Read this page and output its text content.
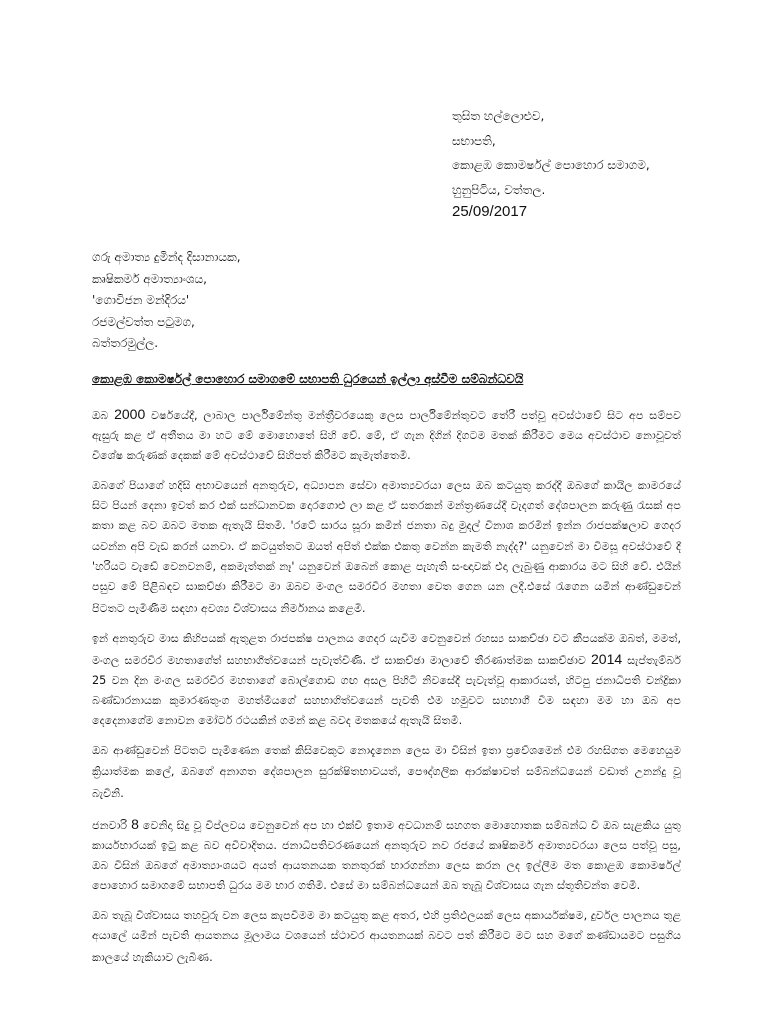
තුසිත හල්ලොළුව,
සභාපති,
කොළඹ කොමර්ෂල් පොහොර සමාගම,
හුනුපිටිය, වත්තල.
25/09/2017
ගරු අමාත්‍ය දුමින්ද දිසානායක,
කෘෂිකර්ම අමාත්‍යාංශය,
'ගොවිජන මන්දිරය'
රජමල්වත්ත පටුමග,
බත්තරමුල්ල.
කොළඹ කොමර්ෂල් පොහොර සමාගමේ සභාපති ධුරයෙන් ඉල්ලා අස්වීම සම්බන්ධවයි

ඔබ 2000 වර්ෂයේදී, ලාබාල පාර්ලිමේන්තු මන්ත්‍රීවරයෙකු ලෙස පාර්ලිමේන්තුවට තේරී පත්වූ අවස්ථාවේ සිට අප සම්පව ඇසුරු කළ ඒ අතීතය මා හට මේ මොහොතේ සිහි වේ. මේ, ඒ ගැන දිගින් දිගටම මතක් කිරීමට මෙය අවස්ථාව නොවූවත් විශේෂ කරුණක් දෙකක් මේ අවස්ථාවේ සිහිපත් කිරීමට කැමැත්තෙමි.

ඔබගේ පියාගේ හදිසි අභාවයෙන් අනතුරුව, අධ්‍යාපන සේවා අමාත්‍යවරයා ලෙස ඔබ කටයුතු කරද්දී ඔබගේ කායිල කාමරයේ සිට පියන් දෙනා ඉවත් කර එක් සන්ධානවක දොරගොළු ලා කළ ඒ සතරකන් මන්ත්‍රණයේදී වැදගත් දේශපාලන කරුණු රැසක් අප කතා කළ බව ඔබට මතක ඇතැයි සිතමි. 'රටේ සාරය සූරා කමින් ජනතා බදු මුදල් විනාශ කරමින් ඉන්න රාජපක්ෂලාව ගෙදර යවන්න අපි වැඩ කරන් යනවා. ඒ කටයුත්තට ඔයත් අපිත් එක්ක එකතු වෙන්න කැමති නැද්ද?' යනුවෙන් මා විමසූ අවස්ථාවේ දී 'හරියට වැඩේ වෙනවනම්, අකමැත්තක් නෑ' යනුවෙන් ඔබෙන් කොළ පැහැති සංඥාවක් එදා ලැබුණු ආකාරය මට සිහි වේ. එයින් පසුව මේ පිළිබඳව සාකච්ඡා කිරීමට මා ඔබව මංගල සමරවීර මහතා වෙත ගෙන යන ලදී.එසේ රැගෙන යමින් ආණ්ඩුවෙන් පිටතට පැමිණීම සඳහා අවශ්‍ය විශ්වාසය නිර්මානය කළෙමි.

ඉන් අනතුරුව මාස කිහිපයක් ඇතුළත රාජපක්ෂ පාලනය ගෙදර යැවීම වෙනුවෙන් රහස්‍ය සාකච්ඡා වට කීපයක්ම ඔබත්, මමත්, මංගල සමරවීර මහතාගේත් සහභාගීත්වයෙන් පැවැත්විණි. ඒ සාකච්ඡා මාලාවේ තීරණාත්මක සාකච්ඡාව 2014 සැප්තැම්බර් 25 වන දින මංගල සමරවීර මහතාගේ බොල්ගොඩ ගඟ අසල පිහිටි නිවසේදී පැවැත්වූ ආකාරයත්, හිටපු ජනාධිපති චන්ද්‍රිකා බණ්ඩාරනායක කුමාරණතුංග මහත්මියගේ සහභාගිත්වයෙන් පැවති එම හමුවට සහභාගී වීම සඳහා මම හා ඔබ අප දෙදෙනාගේම නොවන මෝටර් රථයකින් ගමන් කළ බවද මතකයේ ඇතැයි සිතමි.

ඔබ ආණ්ඩුවෙන් පිටතට පැමිණෙන තෙක් කිසිවෙකුට නොදැනෙන ලෙස මා විසින් ඉතා ප්‍රවේශමෙන් එම රහසිගත මෙහෙයුම ක්‍රියාත්මක කලේ, ඔබගේ අනාගත දේශපාලන සුරක්ෂිතභාවයත්, පෞද්ගලික ආරක්ෂාවත් සම්බන්ධයෙන් වඩාත් උනන්දු වූ බැවිනි.

ජනවාරි 8 වෙනිදා සිදු වූ විප්ලවය වෙනුවෙන් අප හා එක්වී ඉතාම අවධානම් සහගත මොහොතක සම්බන්ධ වී ඔබ සැළකිය යුතු කාර්යභාරයක් ඉටු කළ බව අවිවාදිතය. ජනාධිපතිවරණයෙන් අනතුරුව නව රජයේ කෘෂිකර්ම අමාත්‍යවරයා ලෙස පත්වූ පසු, ඔබ විසින් ඔබගේ අමාත්‍යාංශයට අයත් ආයතනයක තනතුරක් භාරගන්නා ලෙස කරන ලද ඉල්ලීම මත කොළඹ කොමර්ෂල් පොහොර සමාගමේ සභාපති ධුරය මම භාර ගතිමි. එසේ මා සම්බන්ධයෙන් ඔබ තැබූ විශ්වාසය ගැන ස්තූතිවන්ත වෙමි.

ඔබ තැබූ විශ්වාසය තහවුරු වන ලෙස කැපවීමම මා කටයුතු කළ අතර, එහි ප්‍රතිඵලයක් ලෙස අකාර්යක්ෂම, දුර්වල පාලනය තුළ අයාලේ යමින් පැවති ආයතනය මූලාමය වශයෙන් ස්ථාවර ආයතනයක් බවට පත් කිරීමට මට සහ මගේ කණ්ඩායමට පසුගිය කාලයේ හැකියාව ලැබිණ.
